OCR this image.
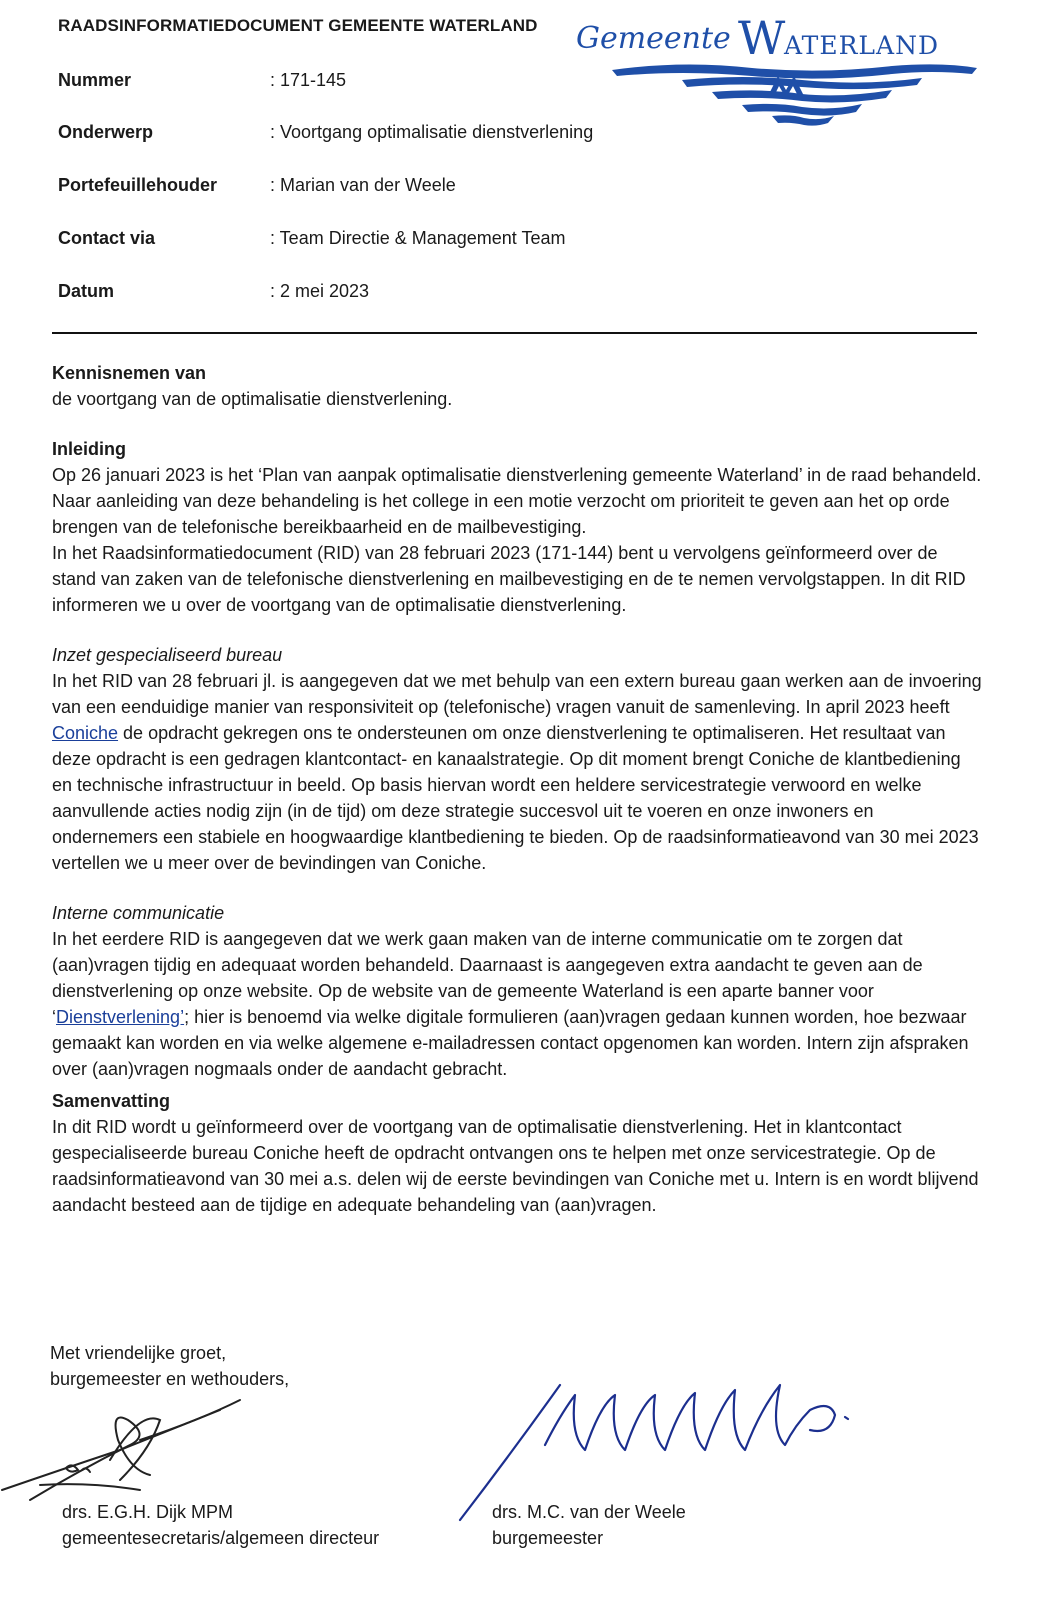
RAADSINFORMATIEDOCUMENT GEMEENTE WATERLAND Gemeente W
ATERLAND
Nummer	: 171-145
Onderwerp	: Voortgang optimalisatie dienstverlening
Portefeuillehouder	: Marian van der Weele
Contact via	: Team Directie & Management Team
Datum	: 2 mei 2023

Kennisnemen van

de voortgang van de optimalisatie dienstverlening.

Inleiding

Op 26 januari 2023 is het ‘Plan van aanpak optimalisatie dienstverlening gemeente Waterland’ in de raad behandeld. Naar aanleiding van deze behandeling is het college in een motie verzocht om prioriteit te geven aan het op orde brengen van de telefonische bereikbaarheid en de mailbevestiging.

In het Raadsinformatiedocument (RID) van 28 februari 2023 (171-144) bent u vervolgens geïnformeerd over de stand van zaken van de telefonische dienstverlening en mailbevestiging en de te nemen vervolgstappen. In dit RID informeren we u over de voortgang van de optimalisatie dienstverlening.

Inzet gespecialiseerd bureau

In het RID van 28 februari jl. is aangegeven dat we met behulp van een extern bureau gaan werken aan de invoering van een eenduidige manier van responsiviteit op (telefonische) vragen vanuit de samenleving. In april 2023 heeft Coniche de opdracht gekregen ons te ondersteunen om onze dienstverlening te optimaliseren. Het resultaat van deze opdracht is een gedragen klantcontact- en kanaalstrategie. Op dit moment brengt Coniche de klantbediening en technische infrastructuur in beeld. Op basis hiervan wordt een heldere servicestrategie verwoord en welke aanvullende acties nodig zijn (in de tijd) om deze strategie succesvol uit te voeren en onze inwoners en ondernemers een stabiele en hoogwaardige klantbediening te bieden. Op de raadsinformatieavond van 30 mei 2023 vertellen we u meer over de bevindingen van Coniche.

Interne communicatie

In het eerdere RID is aangegeven dat we werk gaan maken van de interne communicatie om te zorgen dat (aan)vragen tijdig en adequaat worden behandeld. Daarnaast is aangegeven extra aandacht te geven aan de dienstverlening op onze website. Op de website van de gemeente Waterland is een aparte banner voor ‘Dienstverlening’; hier is benoemd via welke digitale formulieren (aan)vragen gedaan kunnen worden, hoe bezwaar gemaakt kan worden en via welke algemene e-mailadressen contact opgenomen kan worden. Intern zijn afspraken over (aan)vragen nogmaals onder de aandacht gebracht.

Samenvatting

In dit RID wordt u geïnformeerd over de voortgang van de optimalisatie dienstverlening. Het in klantcontact gespecialiseerde bureau Coniche heeft de opdracht ontvangen ons te helpen met onze servicestrategie. Op de raadsinformatieavond van 30 mei a.s. delen wij de eerste bevindingen van Coniche met u. Intern is en wordt blijvend aandacht besteed aan de tijdige en adequate behandeling van (aan)vragen.

Met vriendelijke groet,
burgemeester en wethouders,
drs. E.G.H. Dijk MPM
gemeentesecretaris/algemeen directeur
drs. M.C. van der Weele
burgemeester
